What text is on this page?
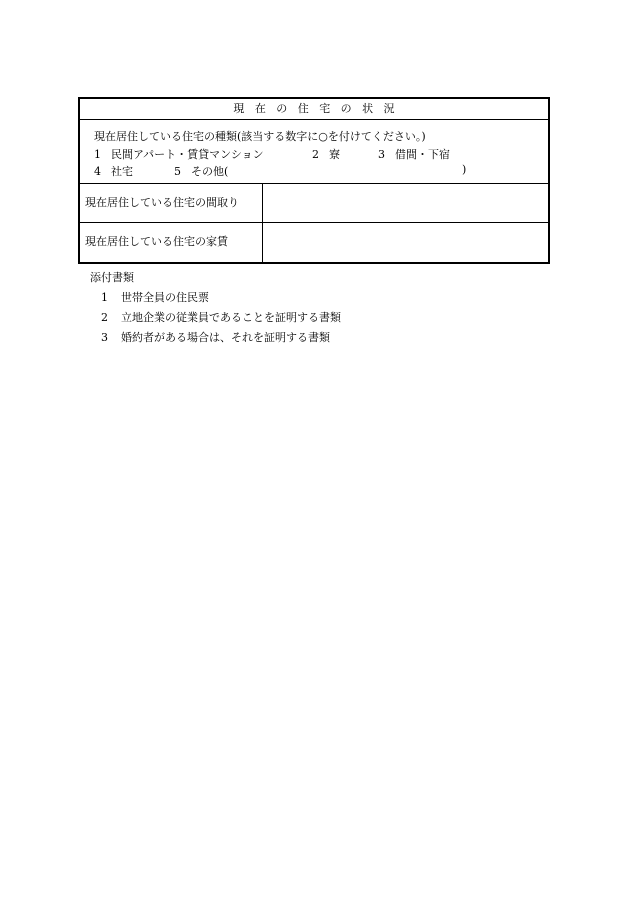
現在の住宅の状況
現在居住している住宅の種類(該当する数字に○を付けてください。)
1 民間アパート・賃貸マンション	2 寮	3 借間・下宿
4 社宅	5 その他(	)
現在居住している住宅の間取り
現在居住している住宅の家賃
添付書類
1 世帯全員の住民票
2 立地企業の従業員であることを証明する書類
3 婚約者がある場合は、それを証明する書類
